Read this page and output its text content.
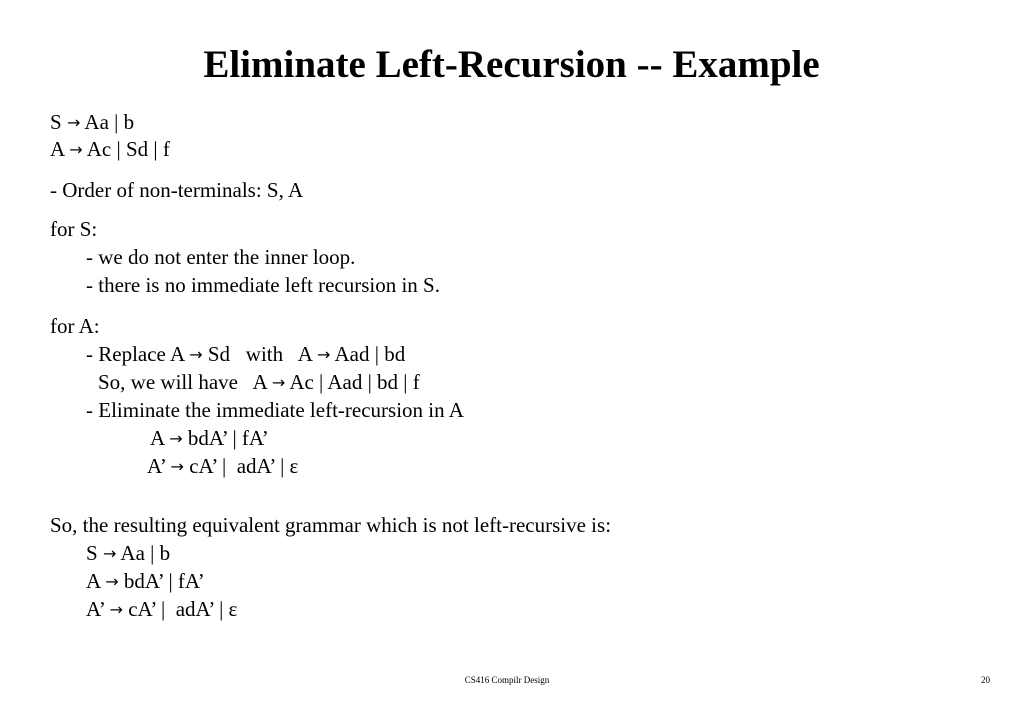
Eliminate Left-Recursion -- Example
S → Aa | b
A → Ac | Sd | f
- Order of non-terminals: S, A
for S:
- we do not enter the inner loop.
- there is no immediate left recursion in S.
for A:
- Replace A → Sd   with   A → Aad | bd
So, we will have   A → Ac | Aad | bd | f
- Eliminate the immediate left-recursion in A
A → bdA’ | fA’
A’ → cA’ |  adA’ | ε
So, the resulting equivalent grammar which is not left-recursive is:
S → Aa | b
A → bdA’ | fA’
A’ → cA’ |  adA’ | ε
CS416 Compilr Design	20
